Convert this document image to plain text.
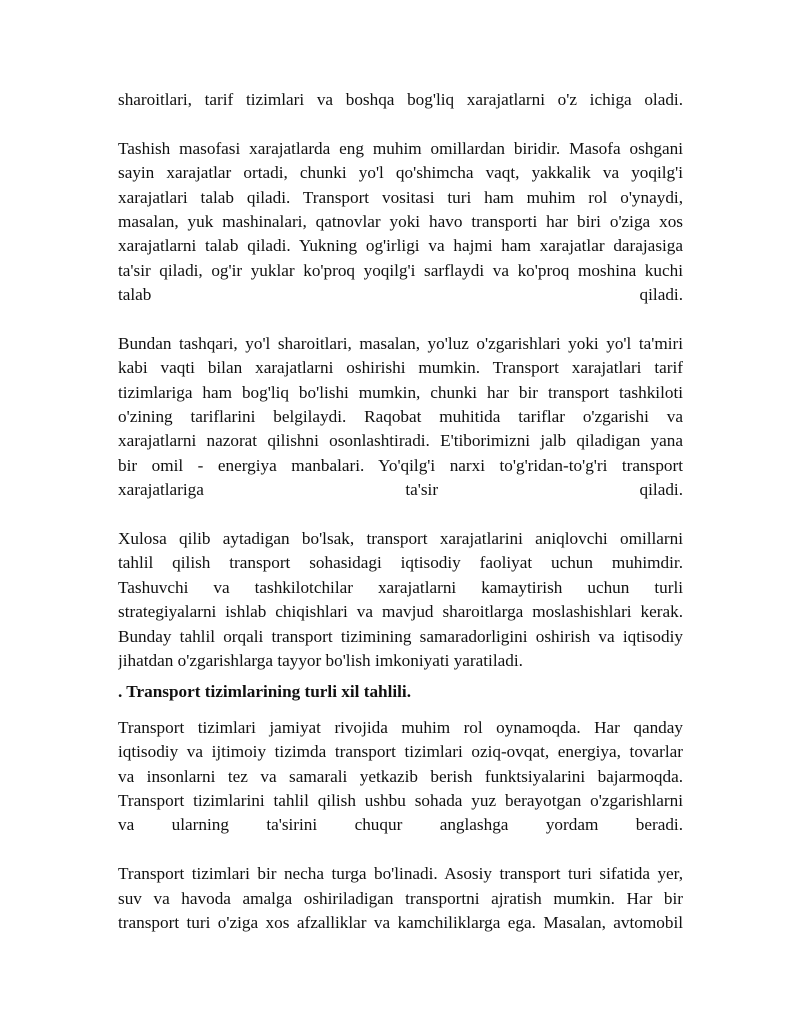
sharoitlari, tarif tizimlari va boshqa bog'liq xarajatlarni o'z ichiga oladi.
Tashish masofasi xarajatlarda eng muhim omillardan biridir. Masofa oshgani
sayin xarajatlar ortadi, chunki yo'l qo'shimcha vaqt, yakkalik va yoqilg'i
xarajatlari talab qiladi. Transport vositasi turi ham muhim rol o'ynaydi,
masalan, yuk mashinalari, qatnovlar yoki havo transporti har biri o'ziga xos
xarajatlarni talab qiladi. Yukning og'irligi va hajmi ham xarajatlar darajasiga
ta'sir qiladi, og'ir yuklar ko'proq yoqilg'i sarflaydi va ko'proq moshina kuchi
talab qiladi.
Bundan tashqari, yo'l sharoitlari, masalan, yo'luz o'zgarishlari yoki yo'l ta'miri
kabi vaqti bilan xarajatlarni oshirishi mumkin. Transport xarajatlari tarif
tizimlariga ham bog'liq bo'lishi mumkin, chunki har bir transport tashkiloti
o'zining tariflarini belgilaydi. Raqobat muhitida tariflar o'zgarishi va
xarajatlarni nazorat qilishni osonlashtiradi. E'tiborimizni jalb qiladigan yana
bir omil - energiya manbalari. Yo'qilg'i narxi to'g'ridan-to'g'ri transport
xarajatlariga ta'sir qiladi.
Xulosa qilib aytadigan bo'lsak, transport xarajatlarini aniqlovchi omillarni
tahlil qilish transport sohasidagi iqtisodiy faoliyat uchun muhimdir.
Tashuvchi va tashkilotchilar xarajatlarni kamaytirish uchun turli
strategiyalarni ishlab chiqishlari va mavjud sharoitlarga moslashishlari kerak.
Bunday tahlil orqali transport tizimining samaradorligini oshirish va iqtisodiy
jihatdan o'zgarishlarga tayyor bo'lish imkoniyati yaratiladi.
. Transport tizimlarining turli xil tahlili.
Transport tizimlari jamiyat rivojida muhim rol oynamoqda. Har qanday
iqtisodiy va ijtimoiy tizimda transport tizimlari oziq-ovqat, energiya, tovarlar
va insonlarni tez va samarali yetkazib berish funktsiyalarini bajarmoqda.
Transport tizimlarini tahlil qilish ushbu sohada yuz berayotgan o'zgarishlarni
va ularning ta'sirini chuqur anglashga yordam beradi.
Transport tizimlari bir necha turga bo'linadi. Asosiy transport turi sifatida yer,
suv va havoda amalga oshiriladigan transportni ajratish mumkin. Har bir
transport turi o'ziga xos afzalliklar va kamchiliklarga ega. Masalan, avtomobil
